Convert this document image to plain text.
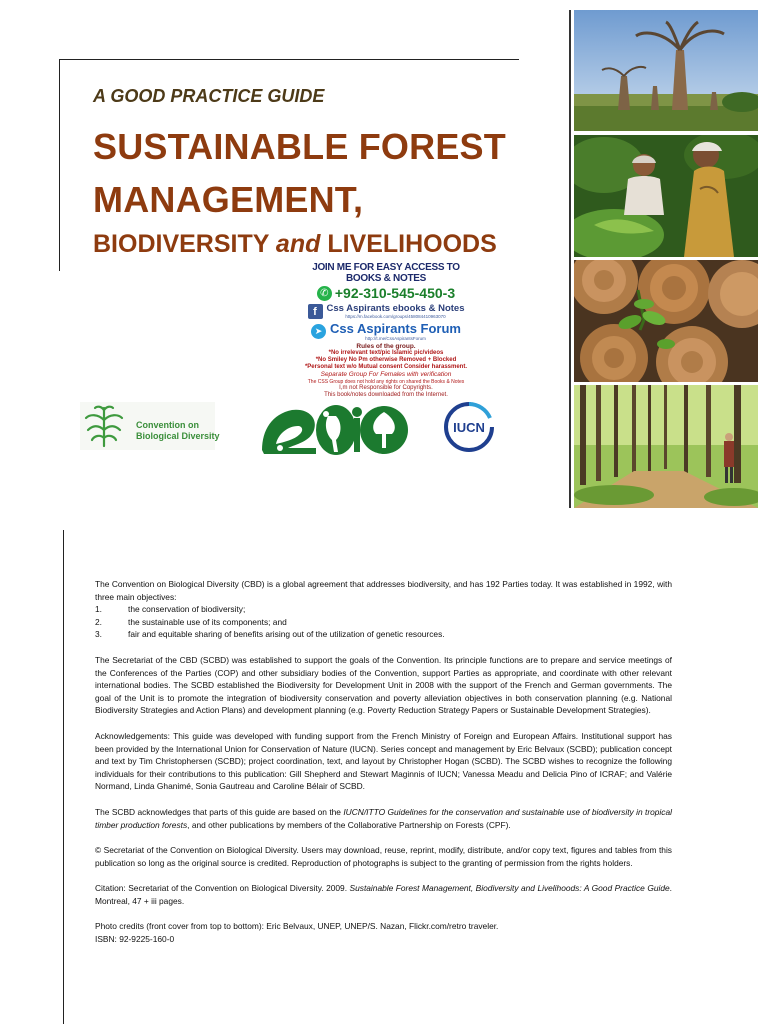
A GOOD PRACTICE GUIDE
SUSTAINABLE FOREST
MANAGEMENT,
BIODIVERSITY and LIVELIHOODS
JOIN ME FOR EASY ACCESS TO BOOKS & NOTES
✆ +92-310-545-450-3
f	Css Aspirants ebooks & Notes
https://m.facebook.com/groups/458084410963070
➤ Css Aspirants Forum
http://t.me/CssAspirantsForum
Rules of the group.
*No irrelevant text/pic Islamic pic/videos
*No Smiley No Pm otherwise Removed + Blocked
*Personal text w/o Mutual consent Consider harassment.
Separate Group For Females with verification
The CSS Group does not hold any rights on shared the Books & Notes
I,m not Responsible for Copyrights.
This book/notes downloaded from the Internet.
Convention on
Biological Diversity
IUCN

The Convention on Biological Diversity (CBD) is a global agreement that addresses biodiversity, and has 192 Parties today. It was established in 1992, with three main objectives:

1.	the conservation of biodiversity;
2.	the sustainable use of its components; and
3.	fair and equitable sharing of benefits arising out of the utilization of genetic resources.

The Secretariat of the CBD (SCBD) was established to support the goals of the Convention. Its principle functions are to prepare and service meetings of the Conferences of the Parties (COP) and other subsidiary bodies of the Convention, support Parties as appropriate, and coordinate with other relevant international bodies. The SCBD established the Biodiversity for Development Unit in 2008 with the support of the French and German governments. The goal of the Unit is to promote the integration of biodiversity conservation and poverty alleviation objectives in both conservation planning (e.g. National Biodiversity Strategies and Action Plans) and development planning (e.g. Poverty Reduction Strategy Papers or Sustainable Development Strategies).

Acknowledgements: This guide was developed with funding support from the French Ministry of Foreign and European Affairs. Institutional support has been provided by the International Union for Conservation of Nature (IUCN). Series concept and management by Eric Belvaux (SCBD); publication concept and text by Tim Christophersen (SCBD); project coordination, text, and layout by Christopher Hogan (SCBD). The SCBD wishes to recognize the following individuals for their contributions to this publication: Gill Shepherd and Stewart Maginnis of IUCN; Vanessa Meadu and Delicia Pino of ICRAF; and Valérie Normand, Linda Ghanimé, Sonia Gautreau and Caroline Bélair of SCBD.

The SCBD acknowledges that parts of this guide are based on the IUCN/ITTO Guidelines for the conservation and sustainable use of biodiversity in tropical timber production forests, and other publications by members of the Collaborative Partnership on Forests (CPF).

© Secretariat of the Convention on Biological Diversity. Users may download, reuse, reprint, modify, distribute, and/or copy text, figures and tables from this publication so long as the original source is credited. Reproduction of photographs is subject to the granting of permission from the rights holders.

Citation: Secretariat of the Convention on Biological Diversity. 2009. Sustainable Forest Management, Biodiversity and Livelihoods: A Good Practice Guide. Montreal, 47 + iii pages.

Photo credits (front cover from top to bottom): Eric Belvaux, UNEP, UNEP/S. Nazan, Flickr.com/retro traveler.

ISBN: 92-9225-160-0
